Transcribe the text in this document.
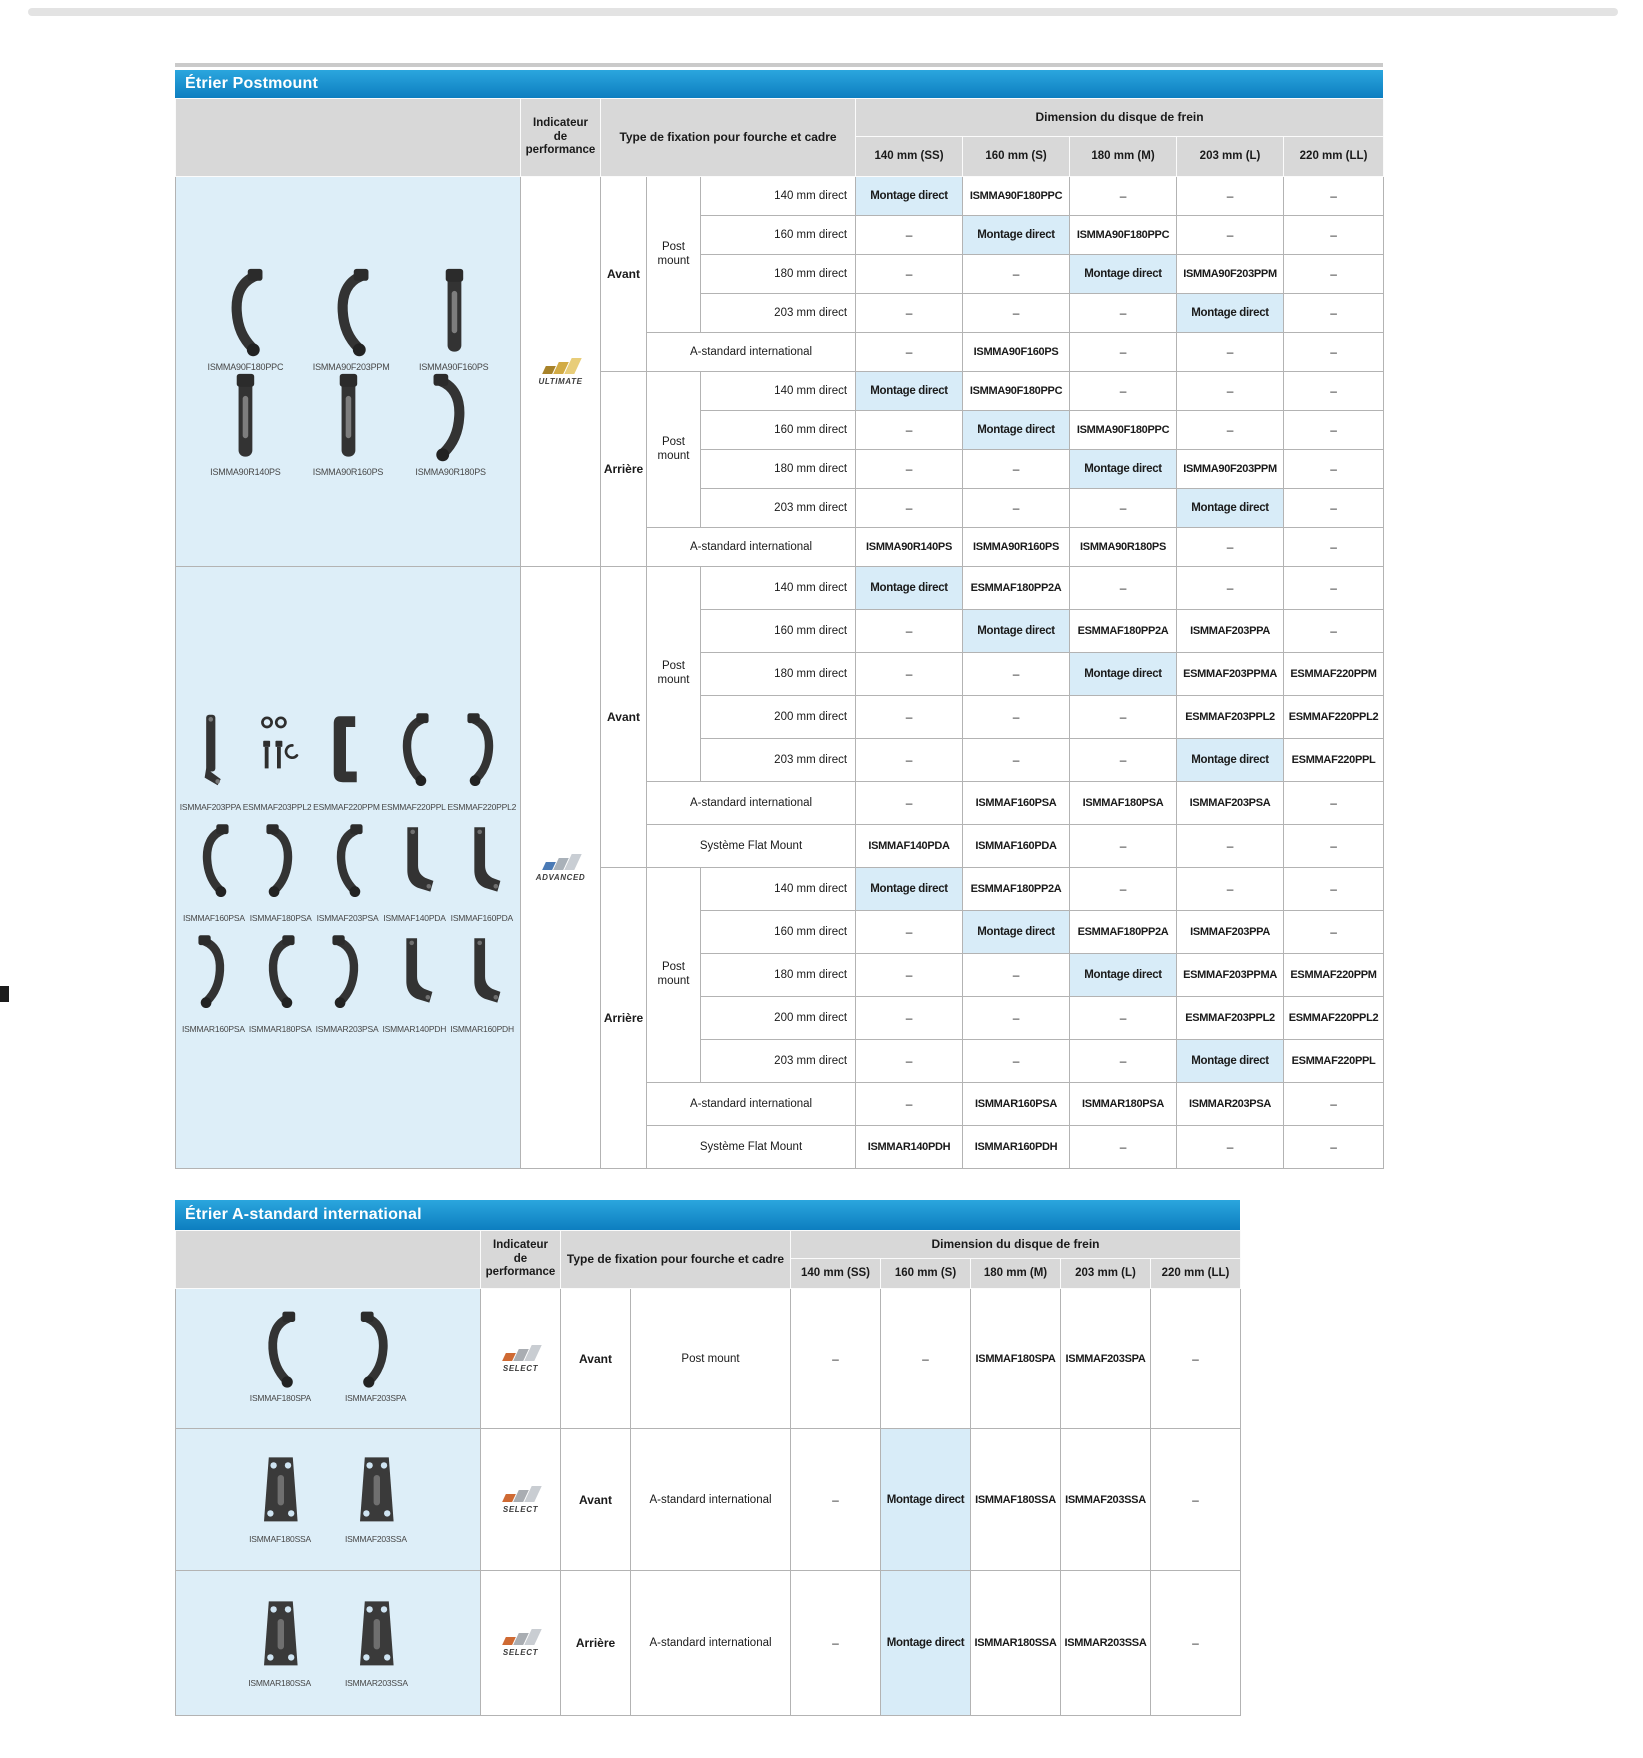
Étrier Postmount
	Indicateur de performance	Type de fixation pour fourche et cadre			Dimension du disque de frein				
					140 mm (SS)	160 mm (S)	180 mm (M)	203 mm (L)	220 mm (LL)

ISMMA90F180PPC	ISMMA90F203PPM	ISMMA90F160PS
ISMMA90R140PS	ISMMA90R160PS	ISMMA90R180PS

ULTIMATE
	Avant	Post mount	140 mm direct	Montage direct	ISMMA90F180PPC	–	–	–
				160 mm direct	–	Montage direct	ISMMA90F180PPC	–	–
				180 mm direct	–	–	Montage direct	ISMMA90F203PPM	–
				203 mm direct	–	–	–	Montage direct	–
			A-standard international		–	ISMMA90F160PS	–	–	–
		Arrière	Post mount	140 mm direct	Montage direct	ISMMA90F180PPC	–	–	–
				160 mm direct	–	Montage direct	ISMMA90F180PPC	–	–
				180 mm direct	–	–	Montage direct	ISMMA90F203PPM	–
				203 mm direct	–	–	–	Montage direct	–
			A-standard international		ISMMA90R140PS	ISMMA90R160PS	ISMMA90R180PS	–	–

ISMMAF203PPA ESMMAF203PPL2 ESMMAF220PPM ESMMAF220PPL ESMMAF220PPL2
ISMMAF160PSA ISMMAF180PSA ISMMAF203PSA ISMMAF140PDA ISMMAF160PDA
ISMMAR160PSA ISMMAR180PSA ISMMAR203PSA ISMMAR140PDH ISMMAR160PDH

ADVANCED
	Avant	Post mount	140 mm direct	Montage direct	ESMMAF180PP2A	–	–	–
				160 mm direct	–	Montage direct	ESMMAF180PP2A	ISMMAF203PPA	–
				180 mm direct	–	–	Montage direct	ESMMAF203PPMA	ESMMAF220PPM
				200 mm direct	–	–	–	ESMMAF203PPL2	ESMMAF220PPL2
				203 mm direct	–	–	–	Montage direct	ESMMAF220PPL
			A-standard international		–	ISMMAF160PSA	ISMMAF180PSA	ISMMAF203PSA	–
			Système Flat Mount		ISMMAF140PDA	ISMMAF160PDA	–	–	–
		Arrière	Post mount	140 mm direct	Montage direct	ESMMAF180PP2A	–	–	–
				160 mm direct	–	Montage direct	ESMMAF180PP2A	ISMMAF203PPA	–
				180 mm direct	–	–	Montage direct	ESMMAF203PPMA	ESMMAF220PPM
				200 mm direct	–	–	–	ESMMAF203PPL2	ESMMAF220PPL2
				203 mm direct	–	–	–	Montage direct	ESMMAF220PPL
			A-standard international		–	ISMMAR160PSA	ISMMAR180PSA	ISMMAR203PSA	–
			Système Flat Mount		ISMMAR140PDH	ISMMAR160PDH	–	–	–
Étrier A-standard international
	Indicateur de performance	Type de fixation pour fourche et cadre		Dimension du disque de frein				
				140 mm (SS)	160 mm (S)	180 mm (M)	203 mm (L)	220 mm (LL)

ISMMAF180SPA ISMMAF203SPA	SELECT	Avant	Post mount	–	–	ISMMAF180SPA	ISMMAF203SPA	–

ISMMAF180SSA ISMMAF203SSA	SELECT	Avant	A-standard international	–	Montage direct	ISMMAF180SSA	ISMMAF203SSA	–

ISMMAR180SSA ISMMAR203SSA	SELECT	Arrière	A-standard international	–	Montage direct	ISMMAR180SSA	ISMMAR203SSA	–
